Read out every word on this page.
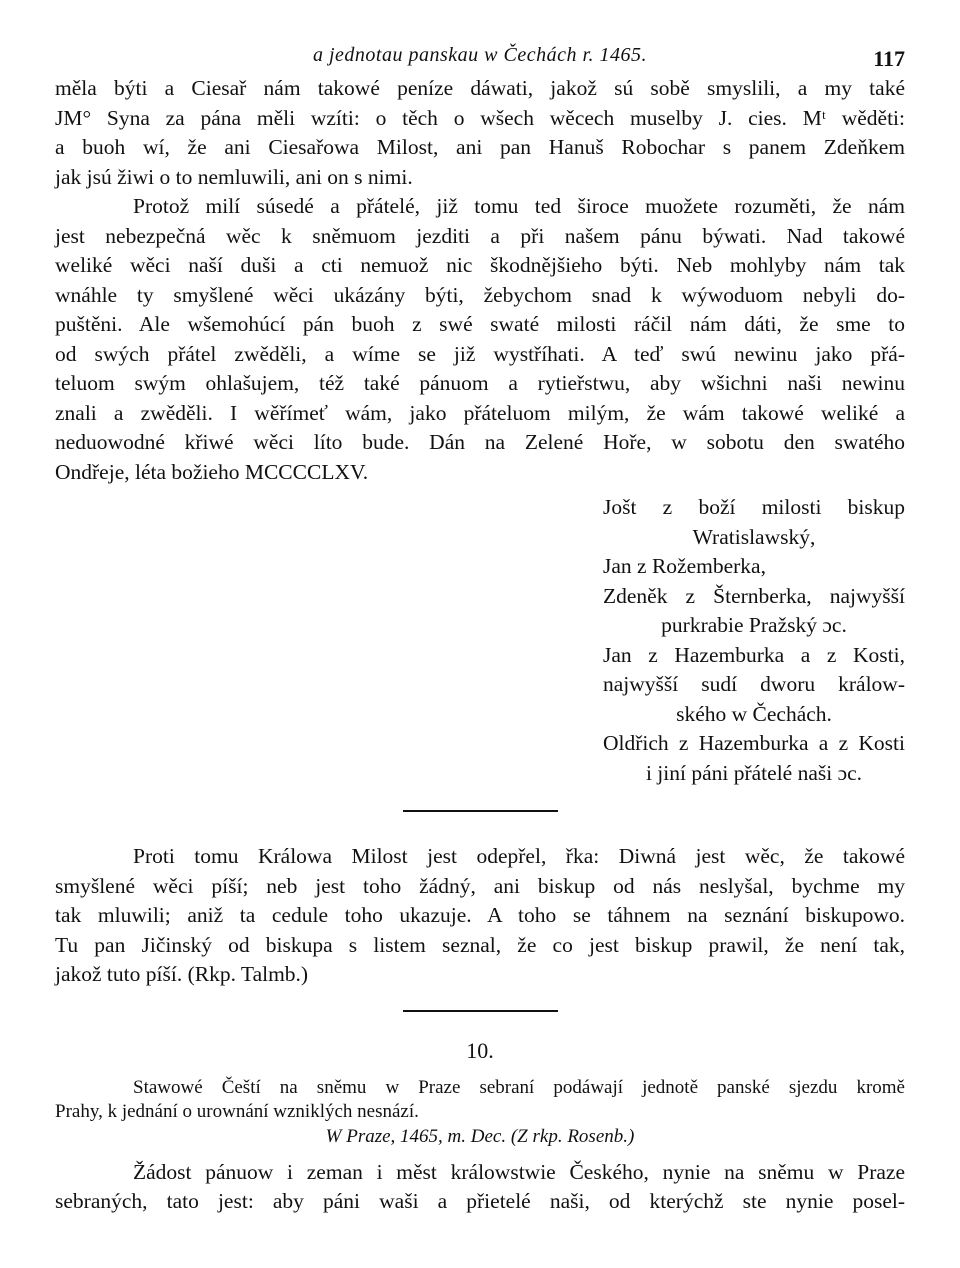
a jednotau panskau w Čechách r. 1465.	117
měla býti a Ciesař nám takowé peníze dáwati, jakož sú sobě smyslili, a my také
JM° Syna za pána měli wzíti: o těch o wšech wěcech muselby J. cies. Mᵗ wěděti:
a buoh wí, že ani Ciesařowa Milost, ani pan Hanuš Robochar s panem Zdeňkem
jak jsú žiwi o to nemluwili, ani on s nimi.
Protož milí súsedé a přátelé, již tomu ted široce muožete rozuměti, že nám
jest nebezpečná wěc k sněmuom jezditi a při našem pánu býwati. Nad takowé
weliké wěci naší duši a cti nemuož nic škodnějšieho býti. Neb mohlyby nám tak
wnáhle ty smyšlené wěci ukázány býti, žebychom snad k wýwoduom nebyli do-
puštěni. Ale wšemohúcí pán buoh z swé swaté milosti ráčil nám dáti, že sme to
od swých přátel zwěděli, a wíme se již wystříhati. A teď swú newinu jako přá-
teluom swým ohlašujem, též také pánuom a rytieřstwu, aby wšichni naši newinu
znali a zwěděli. I wěřímeť wám, jako přáteluom milým, že wám takowé weliké a
neduowodné křiwé wěci líto bude. Dán na Zelené Hoře, w sobotu den swatého
Ondřeje, léta božieho MCCCCLXV.
Jošt z boží milosti biskup
Wratislawský,
Jan z Rožemberka,
Zdeněk z Šternberka, najwyšší
purkrabie Pražský ɔc.
Jan z Hazemburka a z Kosti,
najwyšší sudí dworu králow-
ského w Čechách.
Oldřich z Hazemburka a z Kosti
i jiní páni přátelé naši ɔc.
Proti tomu Králowa Milost jest odepřel, řka: Diwná jest wěc, že takowé
smyšlené wěci píší; neb jest toho žádný, ani biskup od nás neslyšal, bychme my
tak mluwili; aniž ta cedule toho ukazuje. A toho se táhnem na seznání biskupowo.
Tu pan Jičinský od biskupa s listem seznal, že co jest biskup prawil, že není tak,
jakož tuto píší. (Rkp. Talmb.)
10.
Stawowé Čeští na sněmu w Praze sebraní podáwají jednotě panské sjezdu kromě
Prahy, k jednání o urownání wzniklých nesnází.
W Praze, 1465, m. Dec. (Z rkp. Rosenb.)
Žádost pánuow i zeman i měst králowstwie Českého, nynie na sněmu w Praze
sebraných, tato jest: aby páni waši a přietelé naši, od kterýchž ste nynie posel-
